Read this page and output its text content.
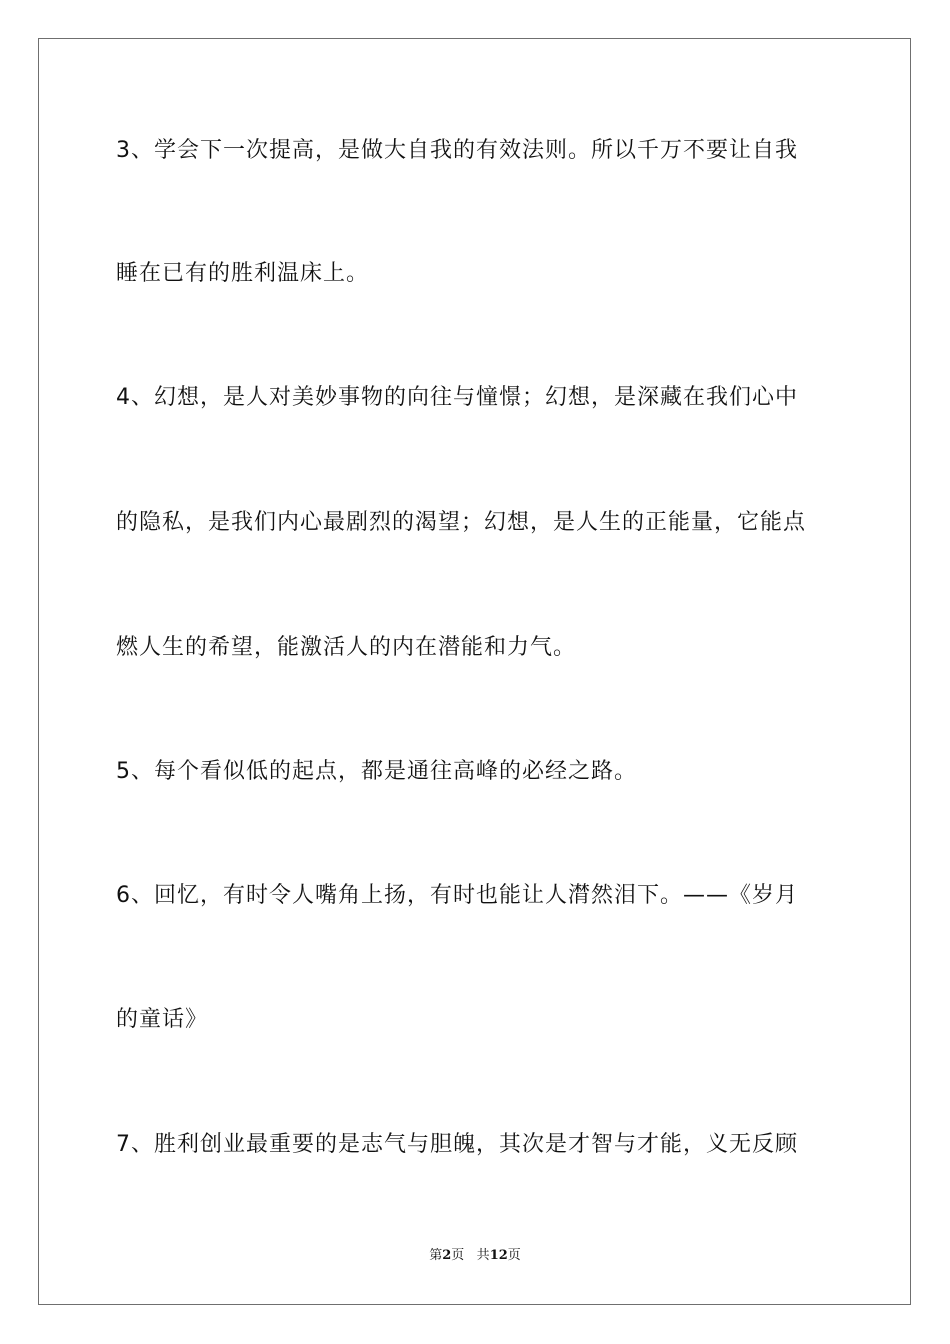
3、学会下一次提高，是做大自我的有效法则。所以千万不要让自我
睡在已有的胜利温床上。
4、幻想，是人对美妙事物的向往与憧憬；幻想，是深藏在我们心中
的隐私，是我们内心最剧烈的渴望；幻想，是人生的正能量，它能点
燃人生的希望，能激活人的内在潜能和力气。
5、每个看似低的起点，都是通往高峰的必经之路。
6、回忆，有时令人嘴角上扬，有时也能让人潸然泪下。——《岁月
的童话》
7、胜利创业最重要的是志气与胆魄，其次是才智与才能，义无反顾
第2页 共12页
